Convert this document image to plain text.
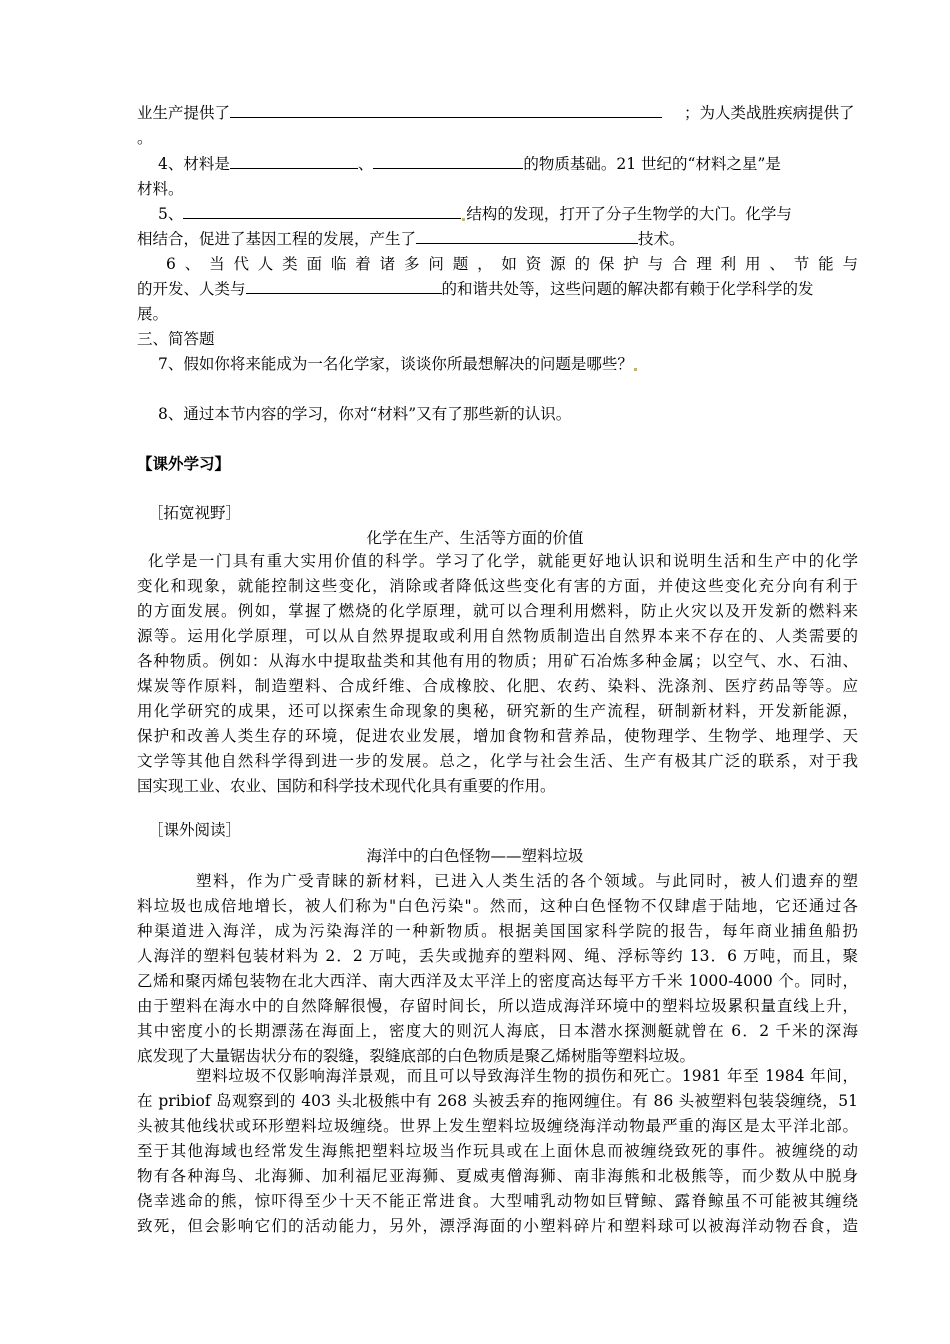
业生产提供了	；为人类战胜疾病提供了
。
4、材料是	、	的物质基础。21 世纪的“材料之星”是
材料。
5、	结构的发现，打开了分子生物学的大门。化学与
相结合，促进了基因工程的发展，产生了	技术。
6、当代人类面临着诸多问题，如资源的保护与合理利用、节能与
的开发、人类与	的和谐共处等，这些问题的解决都有赖于化学科学的发
展。
三、简答题
7、假如你将来能成为一名化学家，谈谈你所最想解决的问题是哪些？
8、通过本节内容的学习，你对“材料”又有了那些新的认识。
【课外学习】
［拓宽视野］
化学在生产、生活等方面的价值
化学是一门具有重大实用价值的科学。学习了化学，就能更好地认识和说明生活和生产中的化学
变化和现象，就能控制这些变化，消除或者降低这些变化有害的方面，并使这些变化充分向有利于
的方面发展。例如，掌握了燃烧的化学原理，就可以合理利用燃料，防止火灾以及开发新的燃料来
源等。运用化学原理，可以从自然界提取或利用自然物质制造出自然界本来不存在的、人类需要的
各种物质。例如：从海水中提取盐类和其他有用的物质；用矿石冶炼多种金属；以空气、水、石油、
煤炭等作原料，制造塑料、合成纤维、合成橡胶、化肥、农药、染料、洗涤剂、医疗药品等等。应
用化学研究的成果，还可以探索生命现象的奥秘，研究新的生产流程，研制新材料，开发新能源，
保护和改善人类生存的环境，促进农业发展，增加食物和营养品，使物理学、生物学、地理学、天
文学等其他自然科学得到进一步的发展。总之，化学与社会生活、生产有极其广泛的联系，对于我
国实现工业、农业、国防和科学技术现代化具有重要的作用。
［课外阅读］
海洋中的白色怪物——塑料垃圾
塑料，作为广受青睐的新材料，已进入人类生活的各个领域。与此同时，被人们遗弃的塑
料垃圾也成倍地增长，被人们称为"白色污染"。然而，这种白色怪物不仅肆虐于陆地，它还通过各
种渠道进入海洋，成为污染海洋的一种新物质。根据美国国家科学院的报告，每年商业捕鱼船扔
人海洋的塑料包装材料为 2．2 万吨，丢失或抛弃的塑料网、绳、浮标等约 13．6 万吨，而且，聚
乙烯和聚丙烯包装物在北大西洋、南大西洋及太平洋上的密度高达每平方千米 1000-4000 个。同时，
由于塑料在海水中的自然降解很慢，存留时间长，所以造成海洋环境中的塑料垃圾累积量直线上升，
其中密度小的长期漂荡在海面上，密度大的则沉人海底，日本潜水探测艇就曾在 6．2 千米的深海
底发现了大量锯齿状分布的裂缝，裂缝底部的白色物质是聚乙烯树脂等塑料垃圾。
塑料垃圾不仅影响海洋景观，而且可以导致海洋生物的损伤和死亡。1981 年至 1984 年间，
在 pribiof 岛观察到的 403 头北极熊中有 268 头被丢弃的拖网缠住。有 86 头被塑料包装袋缠绕，51
头被其他线状或环形塑料垃圾缠绕。世界上发生塑料垃圾缠绕海洋动物最严重的海区是太平洋北部。
至于其他海域也经常发生海熊把塑料垃圾当作玩具或在上面休息而被缠绕致死的事件。被缠绕的动
物有各种海鸟、北海狮、加利福尼亚海狮、夏威夷僧海狮、南非海熊和北极熊等，而少数从中脱身
侥幸逃命的熊，惊吓得至少十天不能正常进食。大型哺乳动物如巨臂鲸、露脊鲸虽不可能被其缠绕
致死，但会影响它们的活动能力，另外，漂浮海面的小塑料碎片和塑料球可以被海洋动物吞食，造
